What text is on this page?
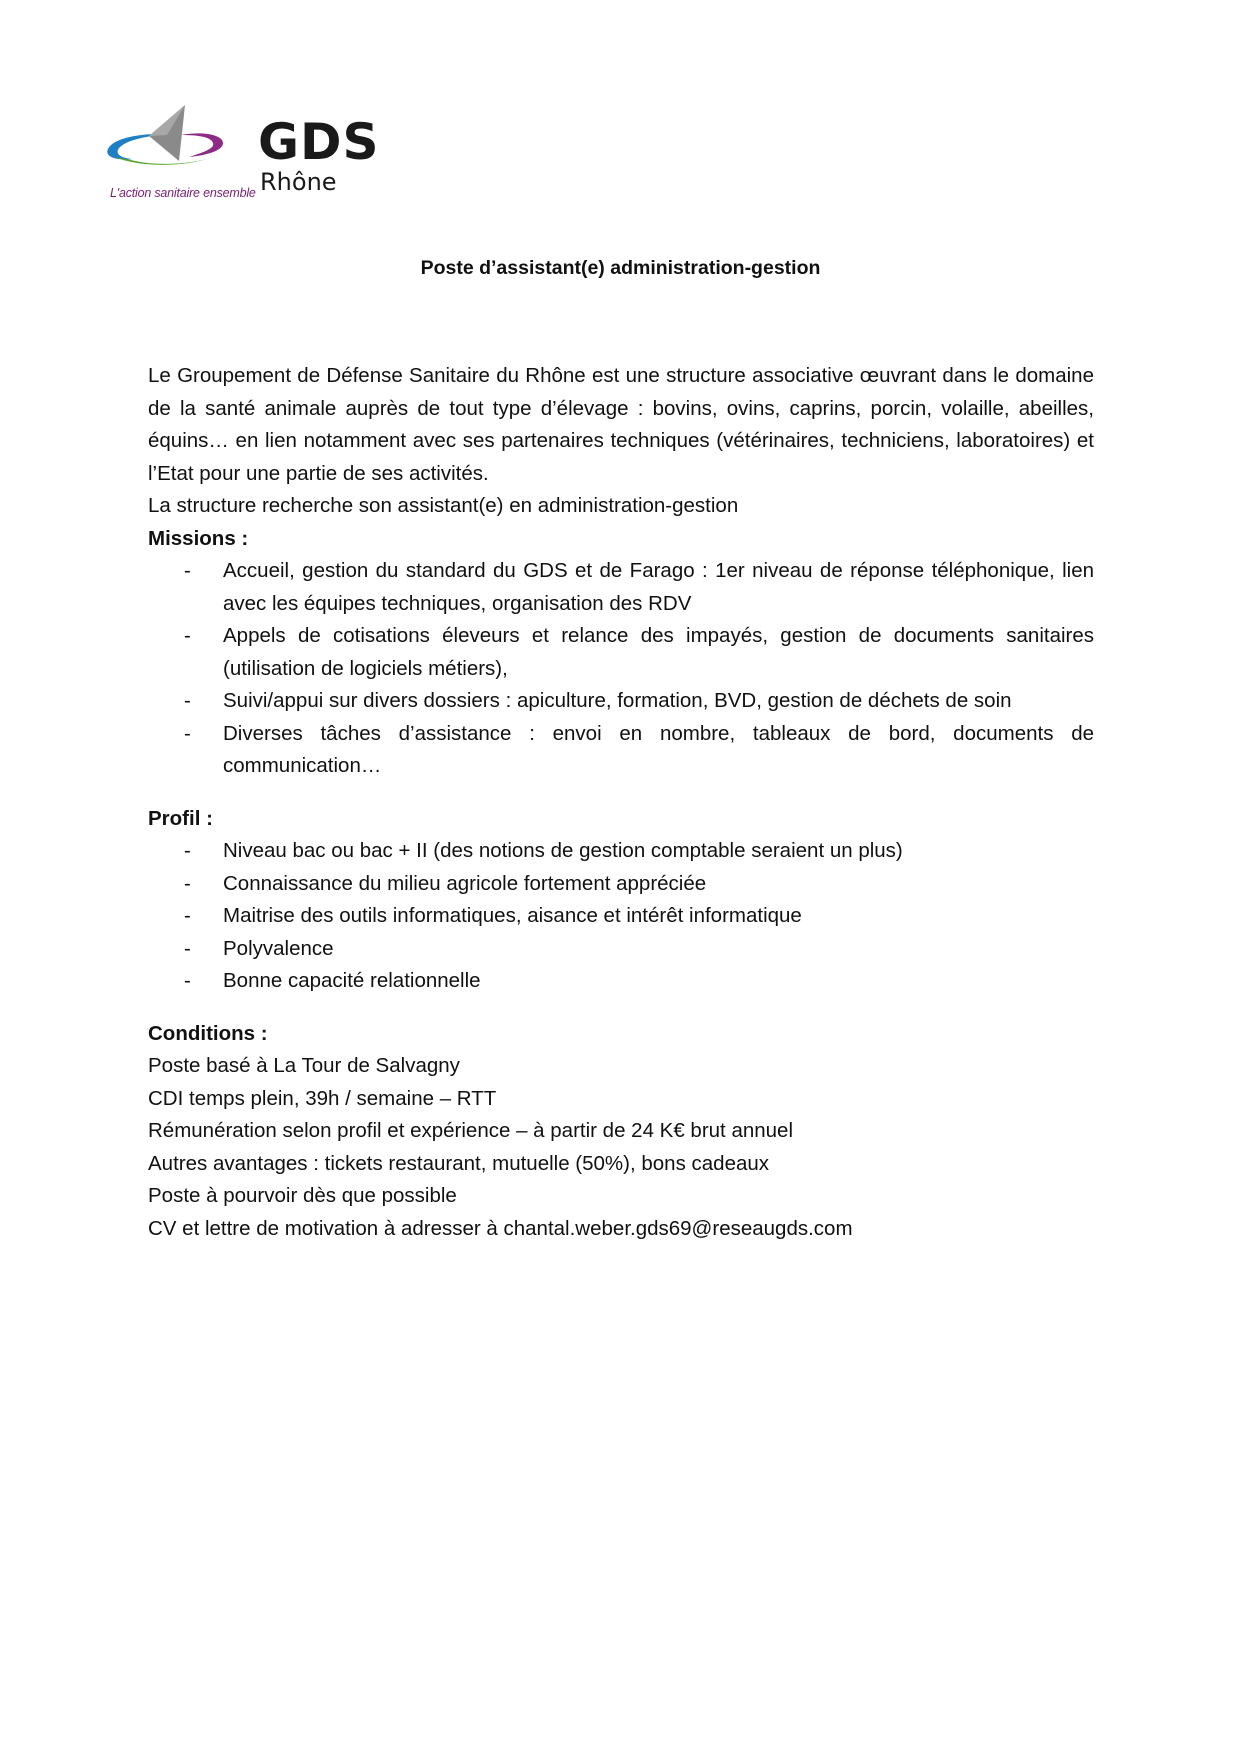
L'action sanitaire ensemble
GDS
Rhône
Poste d’assistant(e) administration-gestion

Le Groupement de Défense Sanitaire du Rhône est une structure associative œuvrant dans le domaine de la santé animale auprès de tout type d’élevage : bovins, ovins, caprins, porcin, volaille, abeilles, équins… en lien notamment avec ses partenaires techniques (vétérinaires, techniciens, laboratoires) et l’Etat pour une partie de ses activités.

La structure recherche son assistant(e) en administration-gestion

Missions :

- Accueil, gestion du standard du GDS et de Farago : 1er niveau de réponse téléphonique, lien avec les équipes techniques, organisation des RDV
- Appels de cotisations éleveurs et relance des impayés, gestion de documents sanitaires (utilisation de logiciels métiers),
- Suivi/appui sur divers dossiers : apiculture, formation, BVD, gestion de déchets de soin
- Diverses tâches d’assistance : envoi en nombre, tableaux de bord, documents de communication…

Profil :

- Niveau bac ou bac + II (des notions de gestion comptable seraient un plus)
- Connaissance du milieu agricole fortement appréciée
- Maitrise des outils informatiques, aisance et intérêt informatique
- Polyvalence
- Bonne capacité relationnelle

Conditions :

Poste basé à La Tour de Salvagny

CDI temps plein, 39h / semaine – RTT

Rémunération selon profil et expérience – à partir de 24 K€ brut annuel

Autres avantages : tickets restaurant, mutuelle (50%), bons cadeaux

Poste à pourvoir dès que possible

CV et lettre de motivation à adresser à chantal.weber.gds69@reseaugds.com
